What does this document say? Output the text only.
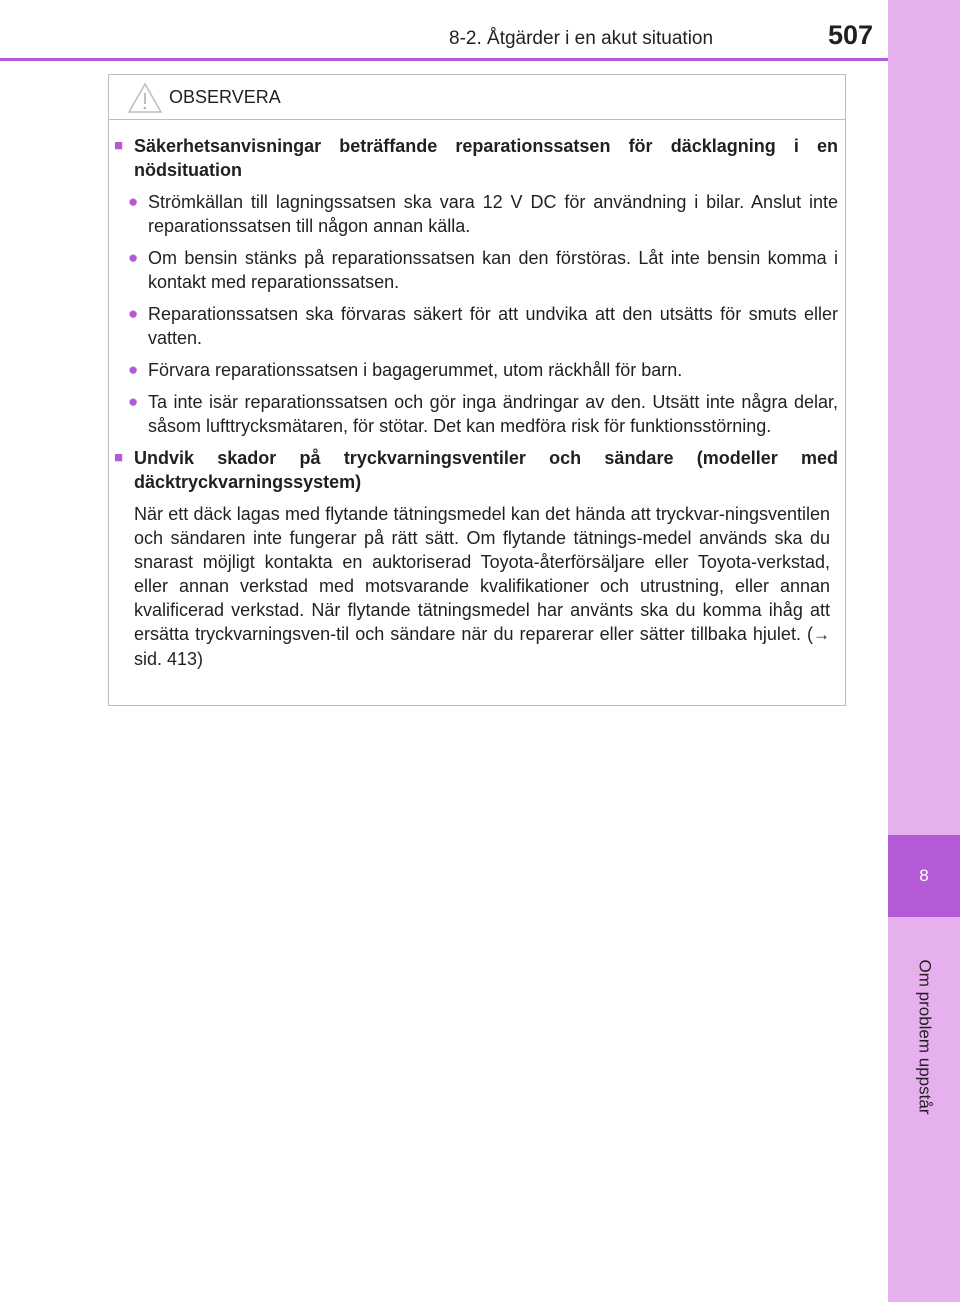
8
Om problem uppstår
8-2. Åtgärder i en akut situation	507
OBSERVERA
■ Säkerhetsanvisningar beträffande reparationssatsen för däcklagning i en nödsituation
● Strömkällan till lagningssatsen ska vara 12 V DC för användning i bilar. Anslut inte reparationssatsen till någon annan källa.
● Om bensin stänks på reparationssatsen kan den förstöras. Låt inte bensin komma i kontakt med reparationssatsen.
● Reparationssatsen ska förvaras säkert för att undvika att den utsätts för smuts eller vatten.
● Förvara reparationssatsen i bagagerummet, utom räckhåll för barn.
● Ta inte isär reparationssatsen och gör inga ändringar av den. Utsätt inte några delar, såsom lufttrycksmätaren, för stötar. Det kan medföra risk för funktionsstörning.
■ Undvik skador på tryckvarningsventiler och sändare (modeller med däcktryckvarningssystem)
När ett däck lagas med flytande tätningsmedel kan det hända att tryckvar-ningsventilen och sändaren inte fungerar på rätt sätt. Om flytande tätnings-medel används ska du snarast möjligt kontakta en auktoriserad Toyota-återförsäljare eller Toyota-verkstad, eller annan verkstad med motsvarande kvalifikationer och utrustning, eller annan kvalificerad verkstad. När flytande tätningsmedel har använts ska du komma ihåg att ersätta tryckvarningsven-til och sändare när du reparerar eller sätter tillbaka hjulet. (→ sid. 413)
